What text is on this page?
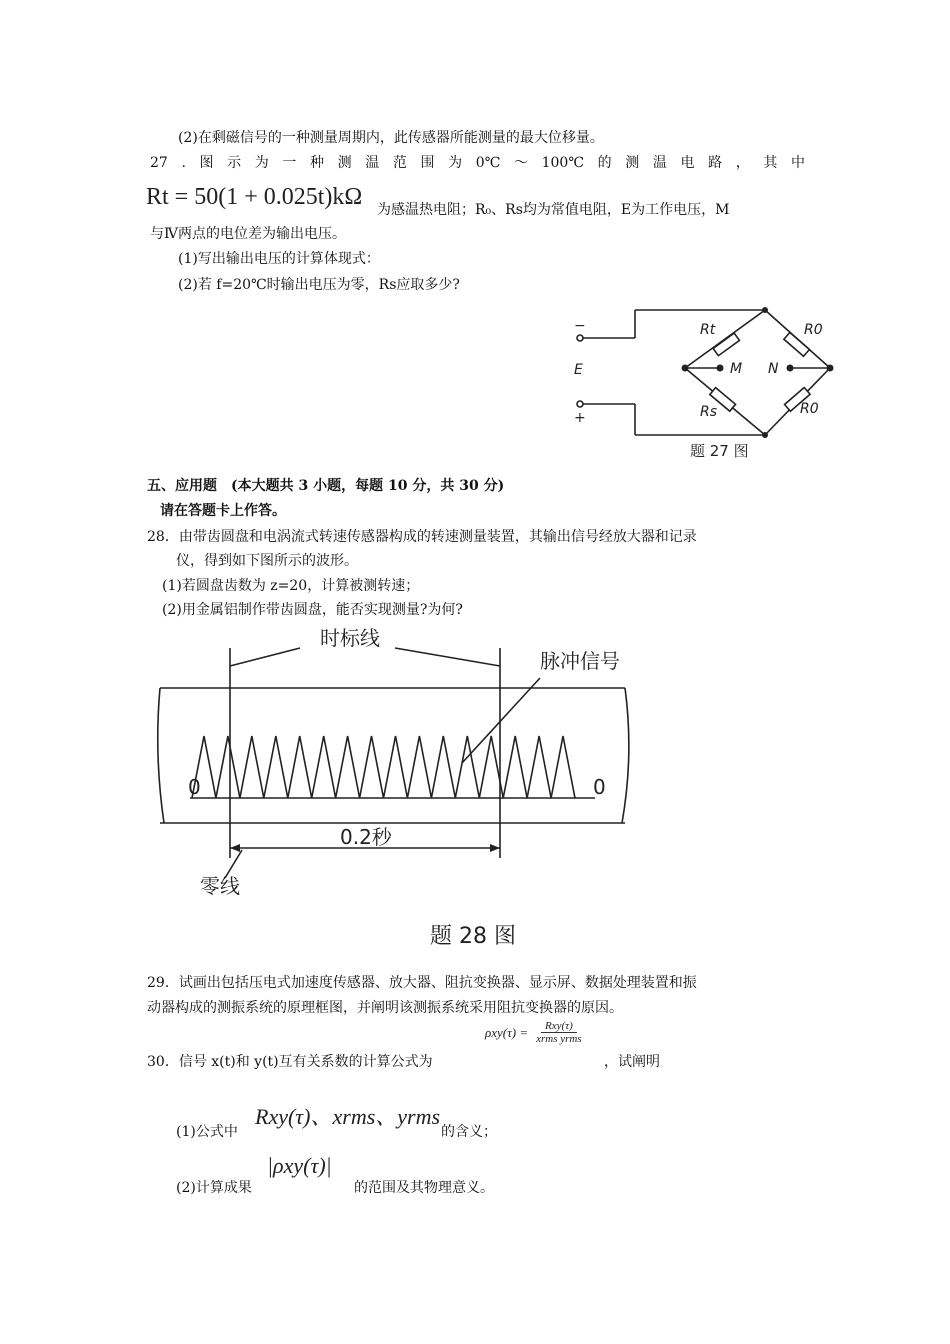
(2)在剩磁信号的一种测量周期内，此传感器所能测量的最大位移量。
27 . 图 示 为 一 种 测 温 范 围 为 0℃ ～ 100℃ 的 测 温 电 路 ， 其 中
Rt = 50(1 + 0.025t)kΩ 为感温热电阻；R₀、Rs均为常值电阻，E为工作电压，M
与Ⅳ两点的电位差为输出电压。
(1)写出输出电压的计算体现式：
(2)若 f=20℃时输出电压为零，Rs应取多少?
−
+
E
Rt	R0
Rs	R0
M N
题 27 图
五、应用题　(本大题共 3 小题，每题 10 分，共 30 分)
请在答题卡上作答。
28．由带齿圆盘和电涡流式转速传感器构成的转速测量装置，其输出信号经放大器和记录
仪，得到如下图所示的波形。
(1)若圆盘齿数为 z=20，计算被测转速；
(2)用金属铝制作带齿圆盘，能否实现测量?为何?
时标线
脉冲信号
0.2秒
零线
0	0
题 28 图
29．试画出包括压电式加速度传感器、放大器、阻抗变换器、显示屏、数据处理装置和振
动器构成的测振系统的原理框图，并阐明该测振系统采用阻抗变换器的原因。
30．信号 x(t)和 y(t)互有关系数的计算公式为
$\rho xy(\tau) = \frac{\text{Rxy(τ)}}{\text{xrms yrms}}$
，试阐明
(1)公式中
Rxy(τ)、xrms、yrms
的含义；
(2)计算成果
|ρxy(τ)|
的范围及其物理意义。
